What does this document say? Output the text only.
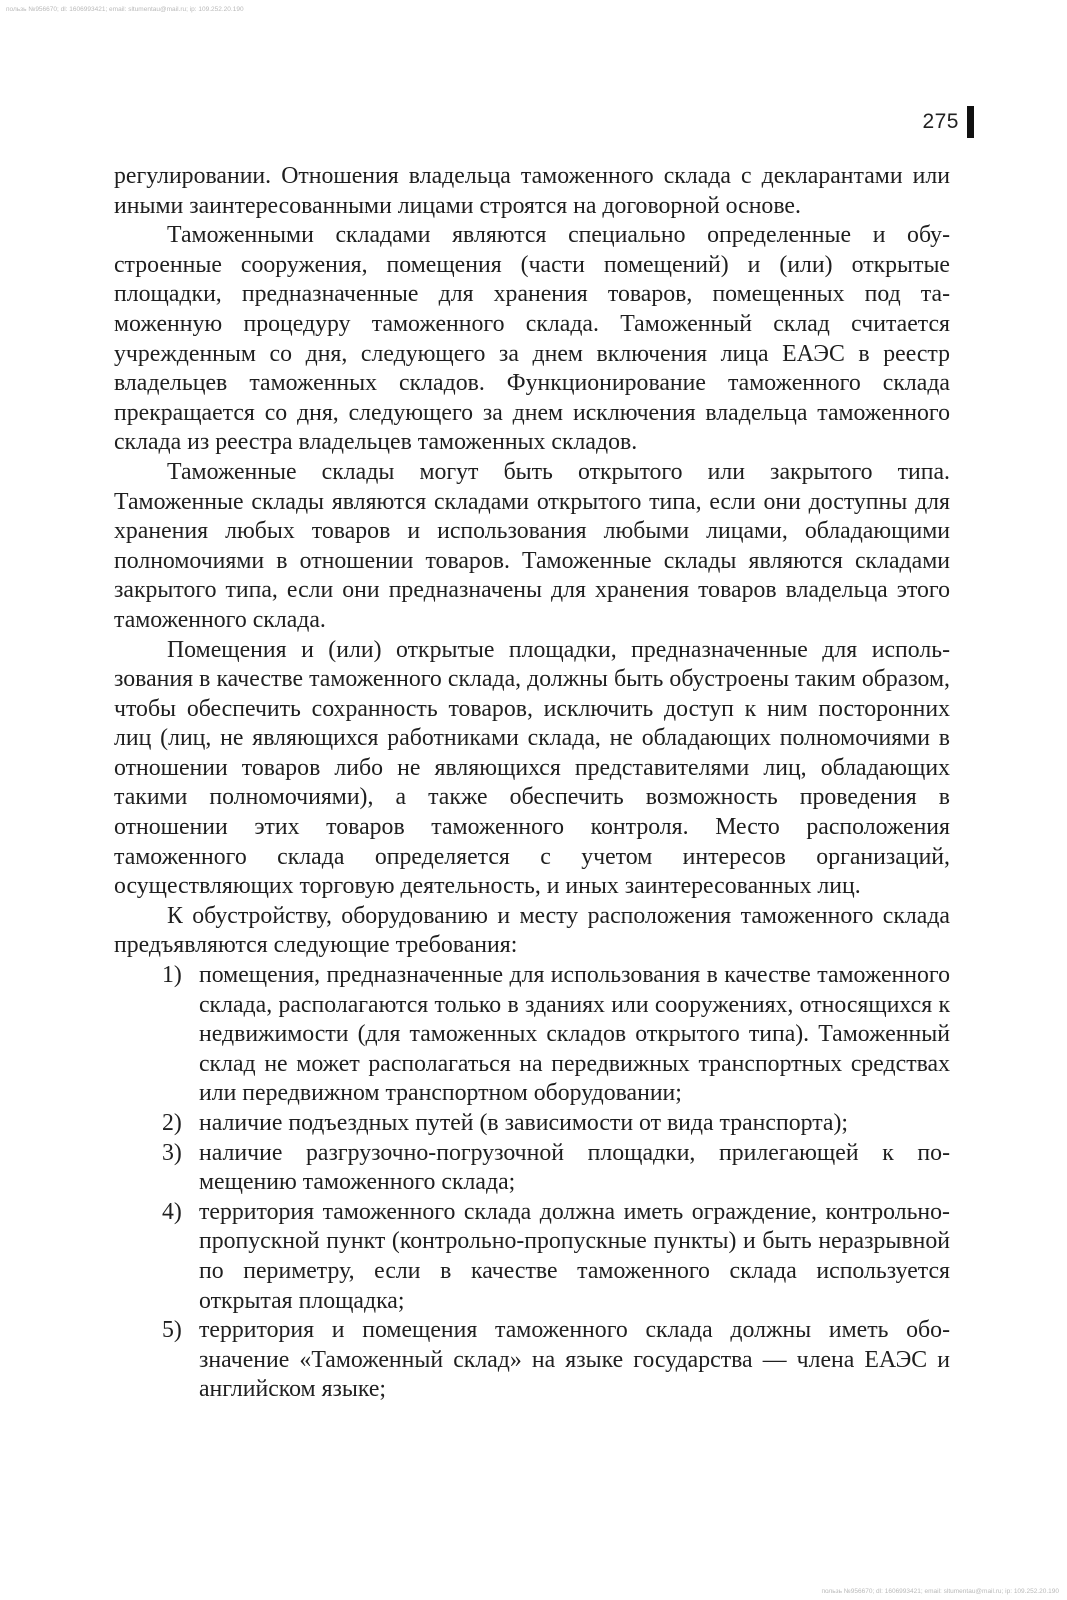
пользь №956670; dl: 1606993421; email: sltumentau@mail.ru; ip: 109.252.20.190
275

регулировании. Отношения владельца таможенного склада с декларантами или иными заинтересованными лицами строятся на договорной основе.

Таможенными складами являются специально определенные и обустроенные сооружения, помещения (части помещений) и (или) открытые площадки, предназначенные для хранения товаров, помещенных под таможенную процедуру таможенного склада. Таможенный склад считается учрежденным со дня, следующего за днем включения лица ЕАЭС в реестр владельцев таможенных складов. Функционирование таможенного склада прекращается со дня, следующего за днем исключения владельца таможенного склада из реестра владельцев таможенных складов.

Таможенные склады могут быть открытого или закрытого типа. Таможенные склады являются складами открытого типа, если они доступны для хранения любых товаров и использования любыми лицами, обладающими полномочиями в отношении товаров. Таможенные склады являются складами закрытого типа, если они предназначены для хранения товаров владельца этого таможенного склада.

Помещения и (или) открытые площадки, предназначенные для использования в качестве таможенного склада, должны быть обустроены таким образом, чтобы обеспечить сохранность товаров, исключить доступ к ним посторонних лиц (лиц, не являющихся работниками склада, не обладающих полномочиями в отношении товаров либо не являющихся представителями лиц, обладающих такими полномочиями), а также обеспечить возможность проведения в отношении этих товаров таможенного контроля. Место расположения таможенного склада определяется с учетом интересов организаций, осуществляющих торговую деятельность, и иных заинтересованных лиц.

К обустройству, оборудованию и месту расположения таможенного склада предъявляются следующие требования:

1) помещения, предназначенные для использования в качестве таможенного склада, располагаются только в зданиях или сооружениях, относящихся к недвижимости (для таможенных складов открытого типа). Таможенный склад не может располагаться на передвижных транспортных средствах или передвижном транспортном оборудовании;
2) наличие подъездных путей (в зависимости от вида транспорта);
3) наличие разгрузочно-погрузочной площадки, прилегающей к помещению таможенного склада;
4) территория таможенного склада должна иметь ограждение, контрольно-пропускной пункт (контрольно-пропускные пункты) и быть неразрывной по периметру, если в качестве таможенного склада используется открытая площадка;
5) территория и помещения таможенного склада должны иметь обозначение «Таможенный склад» на языке государства — члена ЕАЭС и английском языке;
пользь №956670; dl: 1606993421; email: sltumentau@mail.ru; ip: 109.252.20.190
